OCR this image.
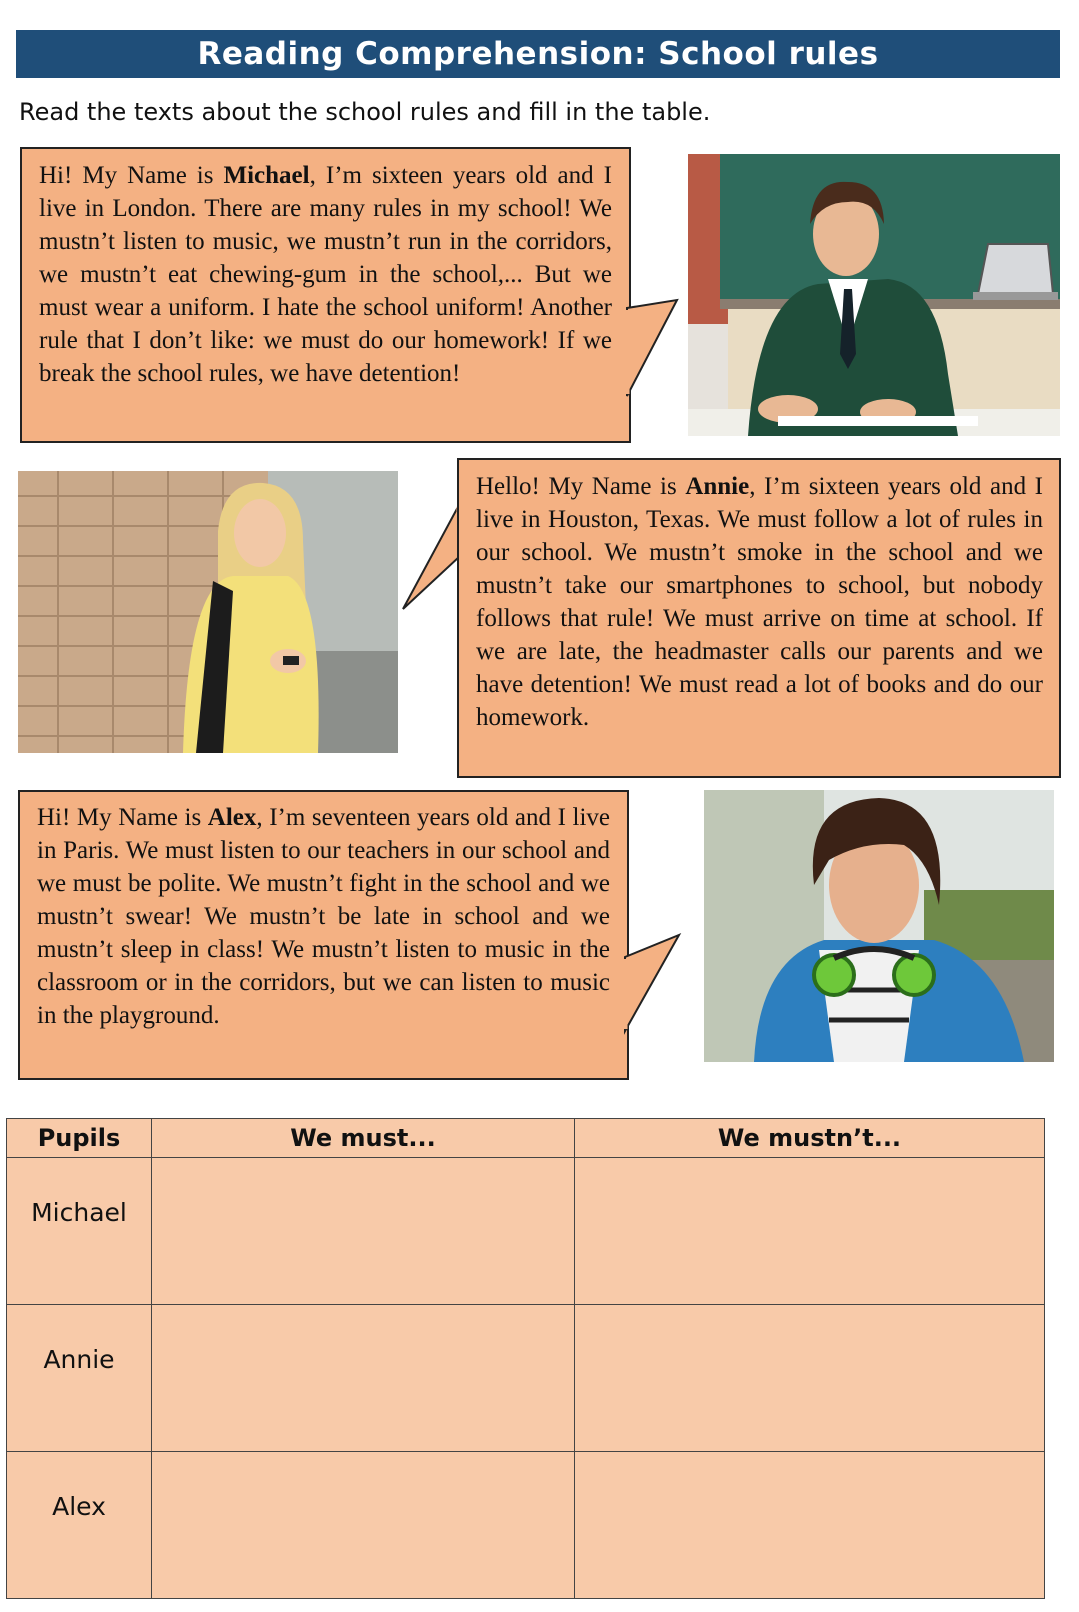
Reading Comprehension: School rules
Read the texts about the school rules and fill in the table.

Hi! My Name is Michael, I’m sixteen years old and I live in London. There are many rules in my school! We mustn’t listen to music, we mustn’t run in the corridors, we mustn’t eat chewing-gum in the school,... But we must wear a uniform. I hate the school uniform! Another rule that I don’t like: we must do our homework! If we break the school rules, we have detention!

Hello! My Name is Annie, I’m sixteen years old and I live in Houston, Texas. We must follow a lot of rules in our school. We mustn’t smoke in the school and we mustn’t take our smartphones to school, but nobody follows that rule! We must arrive on time at school. If we are late, the headmaster calls our parents and we have detention! We must read a lot of books and do our homework.

Hi! My Name is Alex, I’m seventeen years old and I live in Paris. We must listen to our teachers in our school and we must be polite. We mustn’t fight in the school and we mustn’t swear! We mustn’t be late in school and we mustn’t sleep in class! We mustn’t listen to music in the classroom or in the corridors, but we can listen to music in the playground.

Pupils	We must...	We mustn’t...
Michael		
Annie		
Alex		
